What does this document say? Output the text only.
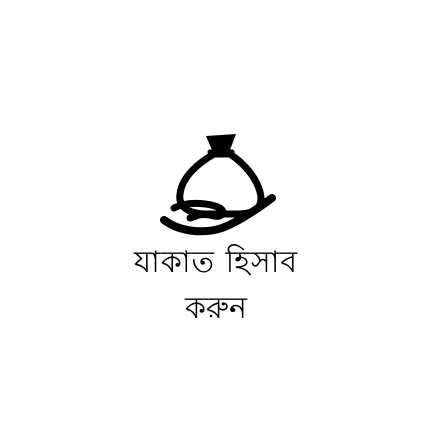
যাকাত হিসাব
করুন
